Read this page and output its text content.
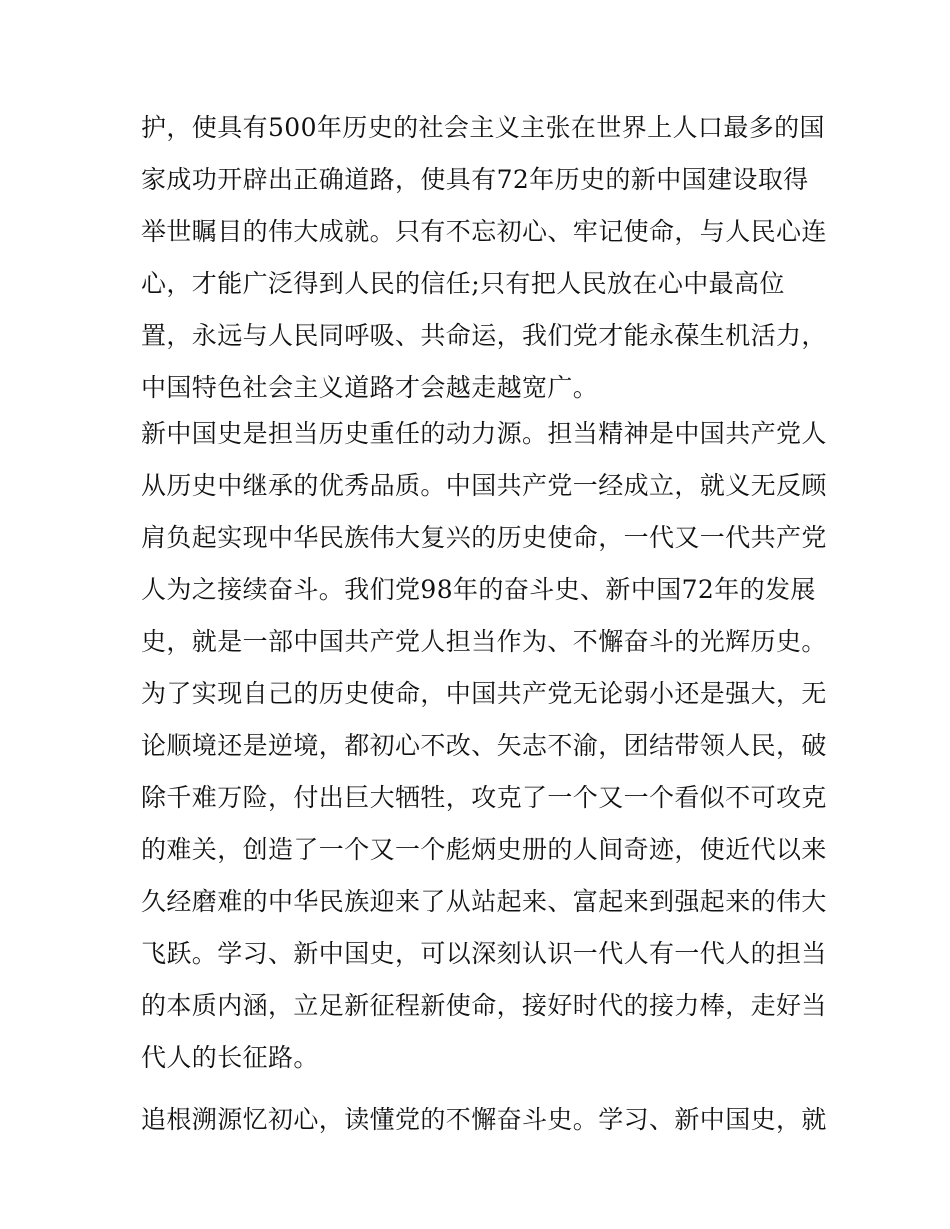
护，使具有500年历史的社会主义主张在世界上人口最多的国
家成功开辟出正确道路，使具有72年历史的新中国建设取得
举世瞩目的伟大成就。只有不忘初心、牢记使命，与人民心连
心，才能广泛得到人民的信任;只有把人民放在心中最高位
置，永远与人民同呼吸、共命运，我们党才能永葆生机活力，
中国特色社会主义道路才会越走越宽广。
新中国史是担当历史重任的动力源。担当精神是中国共产党人
从历史中继承的优秀品质。中国共产党一经成立，就义无反顾
肩负起实现中华民族伟大复兴的历史使命，一代又一代共产党
人为之接续奋斗。我们党98年的奋斗史、新中国72年的发展
史，就是一部中国共产党人担当作为、不懈奋斗的光辉历史。
为了实现自己的历史使命，中国共产党无论弱小还是强大，无
论顺境还是逆境，都初心不改、矢志不渝，团结带领人民，破
除千难万险，付出巨大牺牲，攻克了一个又一个看似不可攻克
的难关，创造了一个又一个彪炳史册的人间奇迹，使近代以来
久经磨难的中华民族迎来了从站起来、富起来到强起来的伟大
飞跃。学习、新中国史，可以深刻认识一代人有一代人的担当
的本质内涵，立足新征程新使命，接好时代的接力棒，走好当
代人的长征路。
追根溯源忆初心，读懂党的不懈奋斗史。学习、新中国史，就
